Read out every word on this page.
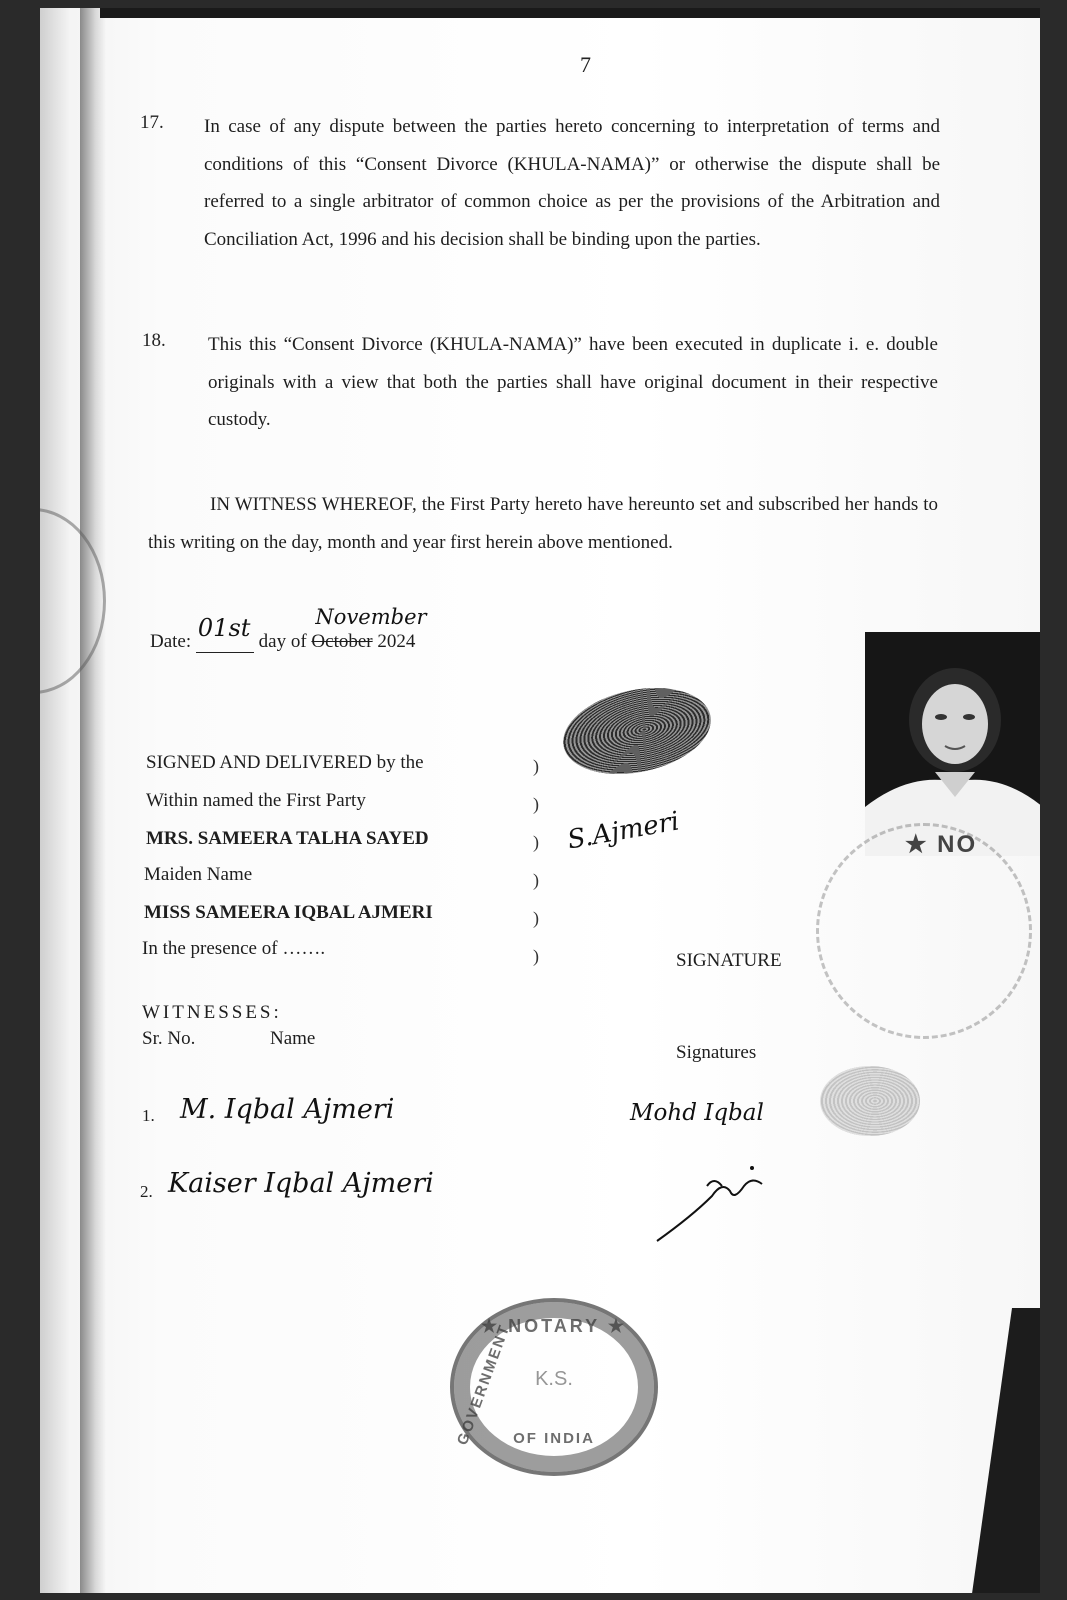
7
17. In case of any dispute between the parties hereto concerning to interpretation of terms and conditions of this “Consent Divorce (KHULA-NAMA)” or otherwise the dispute shall be referred to a single arbitrator of common choice as per the provisions of the Arbitration and Conciliation Act, 1996 and his decision shall be binding upon the parties.
18. This this “Consent Divorce (KHULA-NAMA)” have been executed in duplicate i. e. double originals with a view that both the parties shall have original document in their respective custody.
IN WITNESS WHEREOF, the First Party hereto have hereunto set and subscribed her hands to this writing on the day, month and year first herein above mentioned.
Date: 01st day of October
November
2024
★ NO
SIGNED AND DELIVERED by the
Within named the First Party
MRS. SAMEERA TALHA SAYED
Maiden Name
MISS SAMEERA IQBAL AJMERI
In the presence of …….
)
)
)
)
)
)
S.Ajmeri
SIGNATURE
WITNESSES:
Sr. No.	Name
Signatures
1. M. Iqbal Ajmeri	Mohd Iqbal
2. Kaiser Iqbal Ajmeri
★ NOTARY ★
GOVERNMENT	K.S.
OF INDIA
